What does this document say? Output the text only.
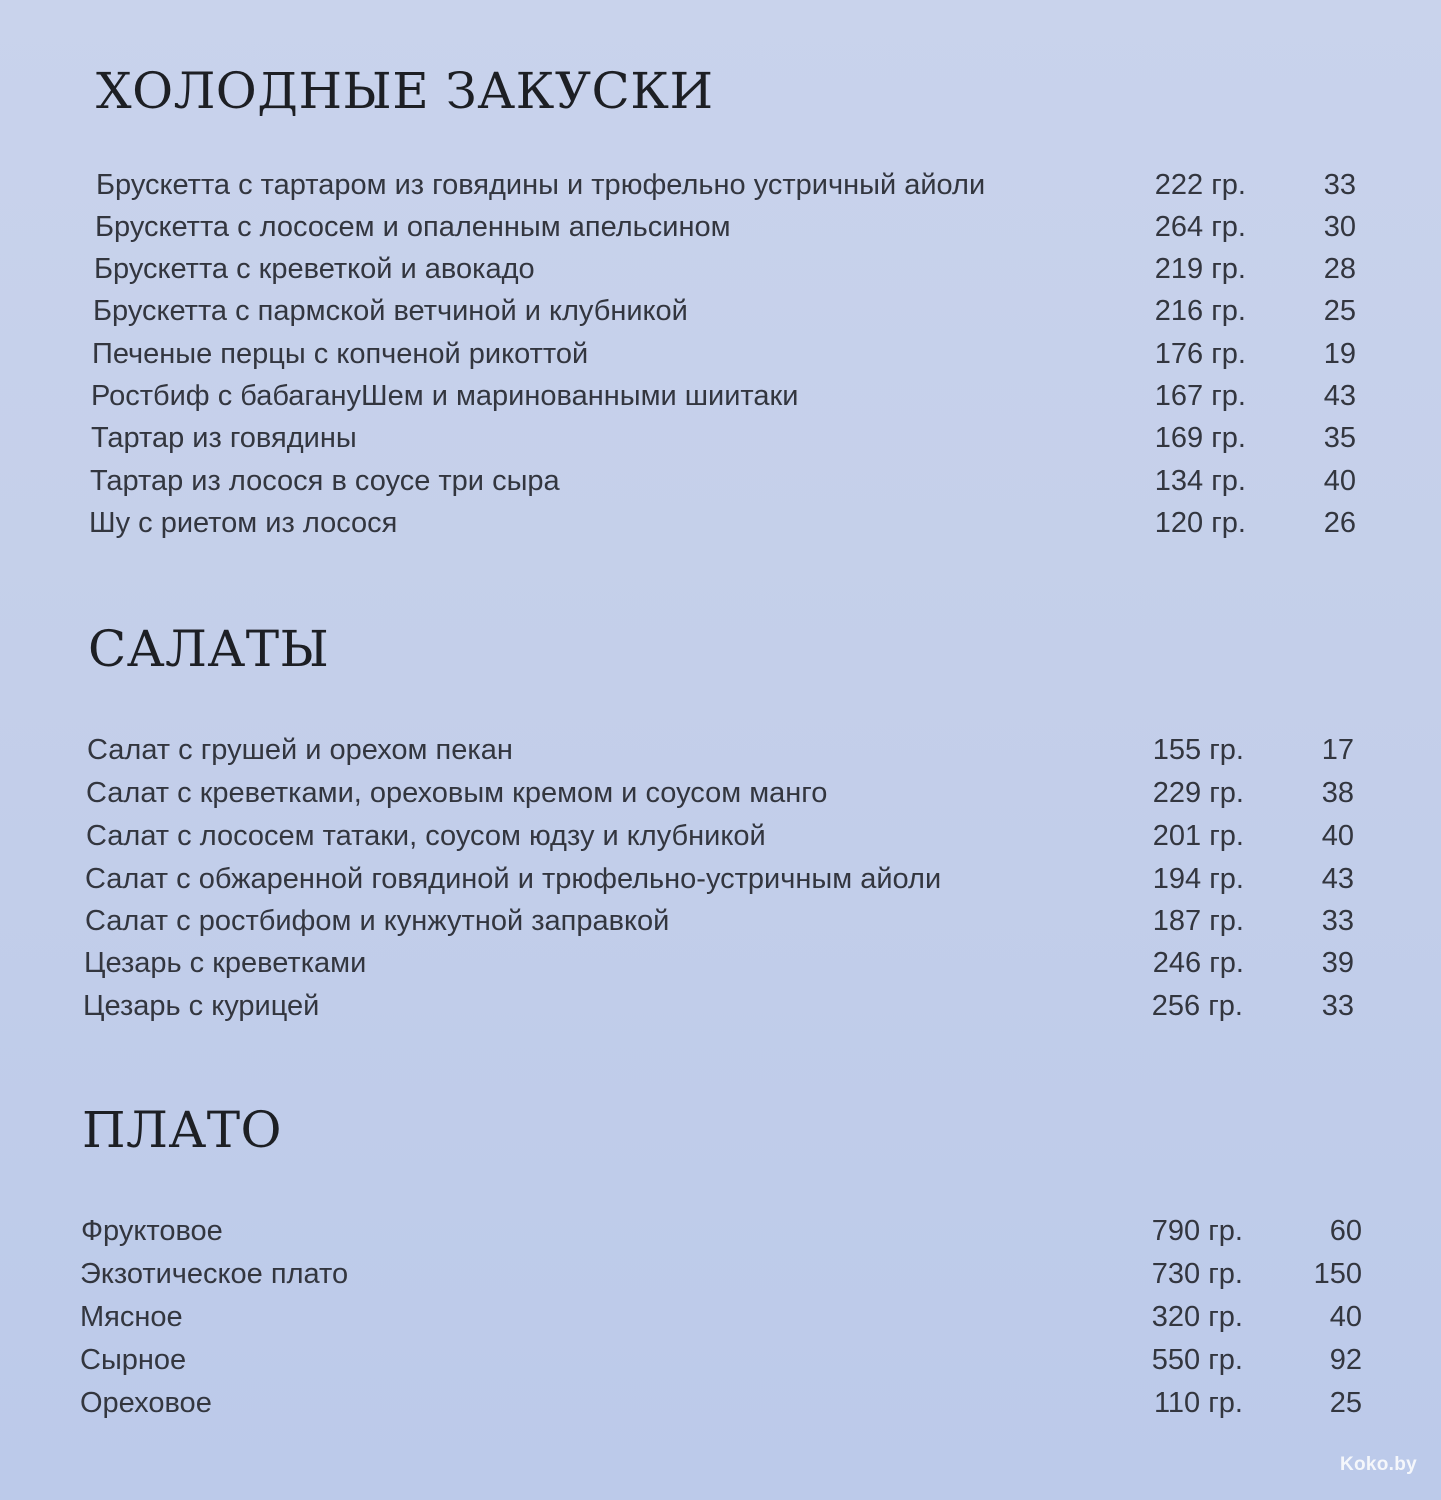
ХОЛОДНЫЕ ЗАКУСКИ
Брускетта с тартаром из говядины и трюфельно устричный айоли	222 гр.	33
Брускетта с лососем и опаленным апельсином	264 гр.	30
Брускетта с креветкой и авокадо	219 гр.	28
Брускетта с пармской ветчиной и клубникой	216 гр.	25
Печеные перцы с копченой рикоттой	176 гр.	19
Ростбиф с бабагануШем и маринованными шиитаки	167 гр.	43
Тартар из говядины	169 гр.	35
Тартар из лосося в соусе три сыра	134 гр.	40
Шу с риетом из лосося	120 гр.	26
САЛАТЫ
Салат с грушей и орехом пекан	155 гр.	17
Салат с креветками, ореховым кремом и соусом манго	229 гр.	38
Салат с лососем татаки, соусом юдзу и клубникой	201 гр.	40
Салат с обжаренной говядиной и трюфельно-устричным айоли	194 гр.	43
Салат с ростбифом и кунжутной заправкой	187 гр.	33
Цезарь с креветками	246 гр.	39
Цезарь с курицей	256 гр.	33
ПЛАТО
Фруктовое	790 гр.	60
Экзотическое плато	730 гр.	150
Мясное	320 гр.	40
Сырное	550 гр.	92
Ореховое	110 гр.	25
Koko.by
